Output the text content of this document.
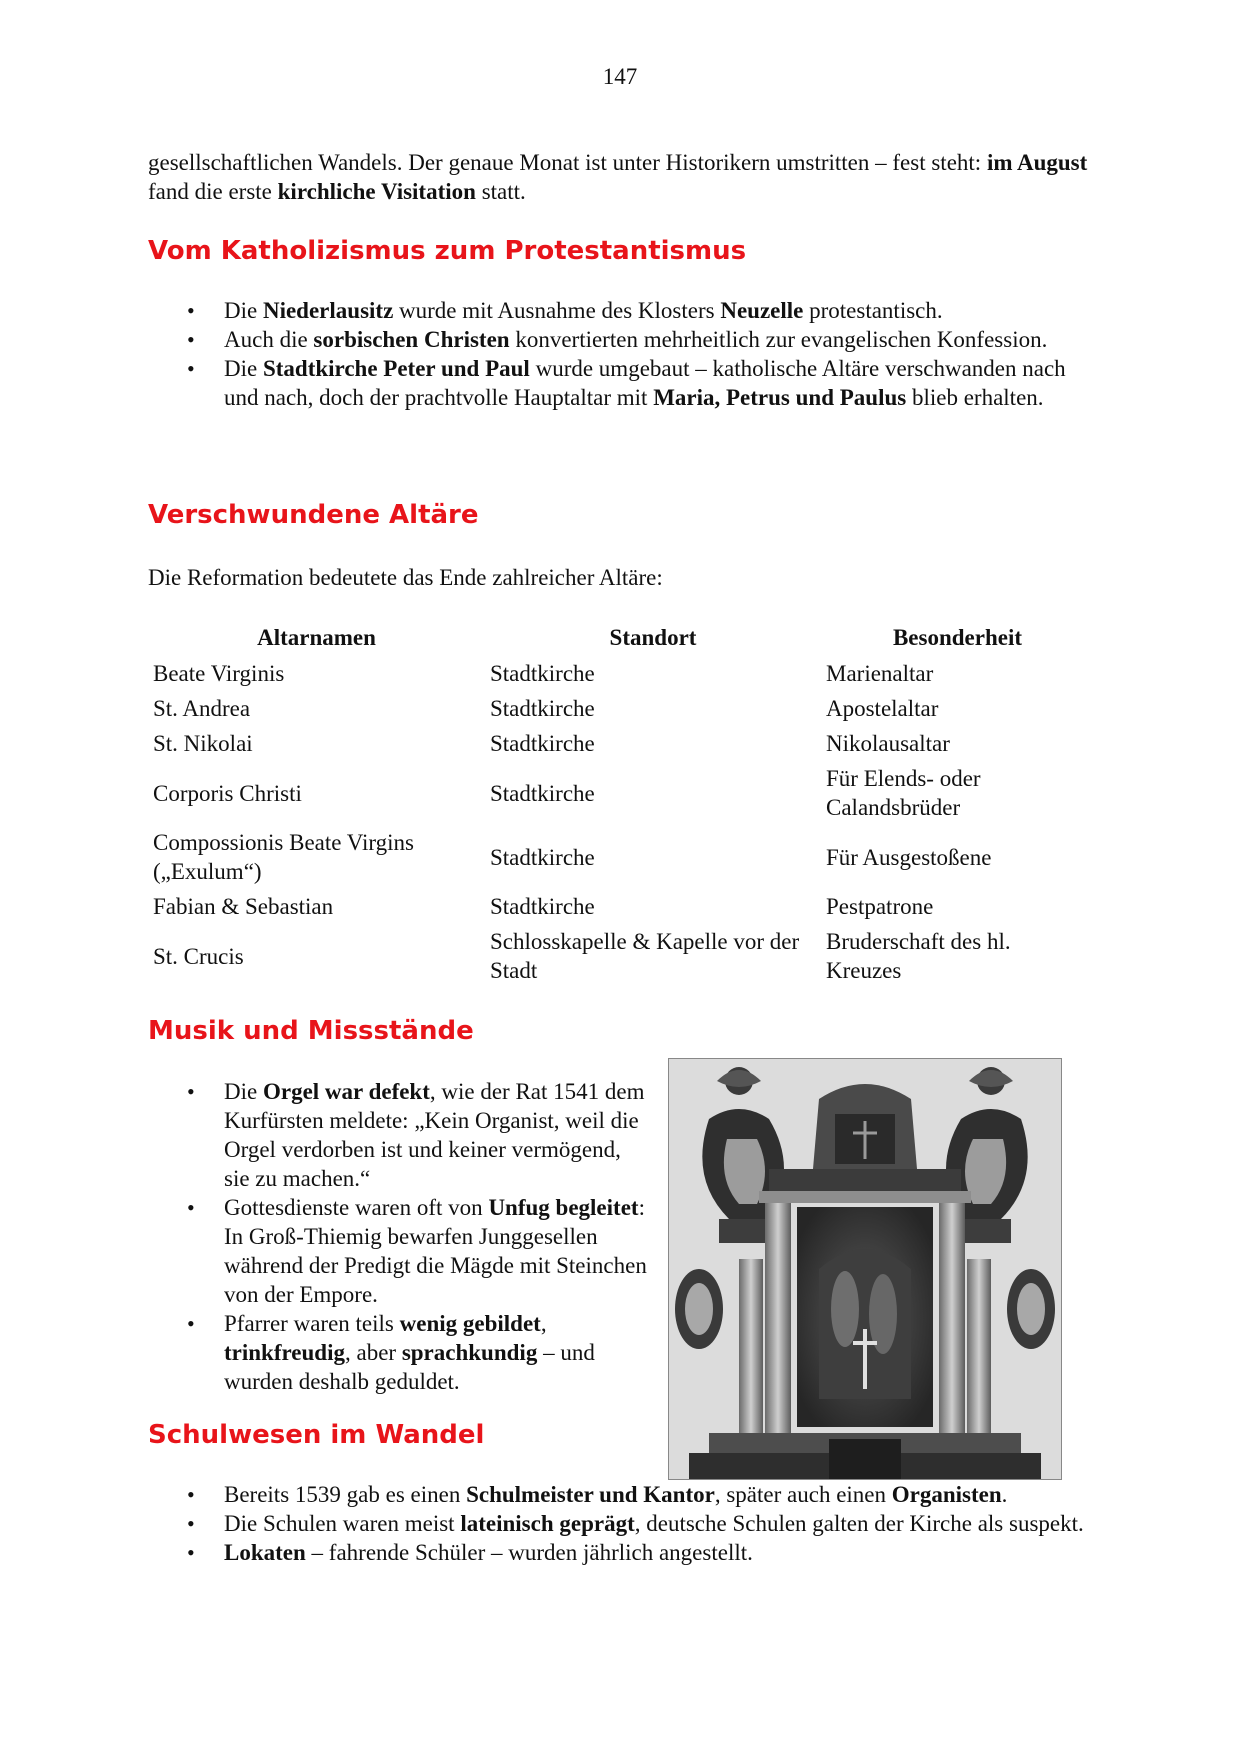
147

gesellschaftlichen Wandels. Der genaue Monat ist unter Historikern umstritten – fest steht: im August fand die erste kirchliche Visitation statt.

Vom Katholizismus zum Protestantismus
• Die Niederlausitz wurde mit Ausnahme des Klosters Neuzelle protestantisch.
• Auch die sorbischen Christen konvertierten mehrheitlich zur evangelischen Konfession.
• Die Stadtkirche Peter und Paul wurde umgebaut – katholische Altäre verschwanden nach und nach, doch der prachtvolle Hauptaltar mit Maria, Petrus und Paulus blieb erhalten.
Verschwundene Altäre

Die Reformation bedeutete das Ende zahlreicher Altäre:

Altarnamen	Standort	Besonderheit
Beate Virginis	Stadtkirche	Marienaltar
St. Andrea	Stadtkirche	Apostelaltar
St. Nikolai	Stadtkirche	Nikolausaltar
Corporis Christi	Stadtkirche	Für Elends- oder Calandsbrüder
Compossionis Beate Virgins („Exulum“)	Stadtkirche	Für Ausgestoßene
Fabian & Sebastian	Stadtkirche	Pestpatrone
St. Crucis	Schlosskapelle & Kapelle vor der Stadt	Bruderschaft des hl. Kreuzes
Musik und Missstände
• Die Orgel war defekt, wie der Rat 1541 dem Kurfürsten meldete: „Kein Organist, weil die Orgel verdorben ist und keiner vermögend, sie zu machen.“
• Gottesdienste waren oft von Unfug begleitet: In Groß-Thiemig bewarfen Junggesellen während der Predigt die Mägde mit Steinchen von der Empore.
• Pfarrer waren teils wenig gebildet, trinkfreudig, aber sprachkundig – und wurden deshalb geduldet.
Schulwesen im Wandel
• Bereits 1539 gab es einen Schulmeister und Kantor, später auch einen Organisten.
• Die Schulen waren meist lateinisch geprägt, deutsche Schulen galten der Kirche als suspekt.
• Lokaten – fahrende Schüler – wurden jährlich angestellt.
